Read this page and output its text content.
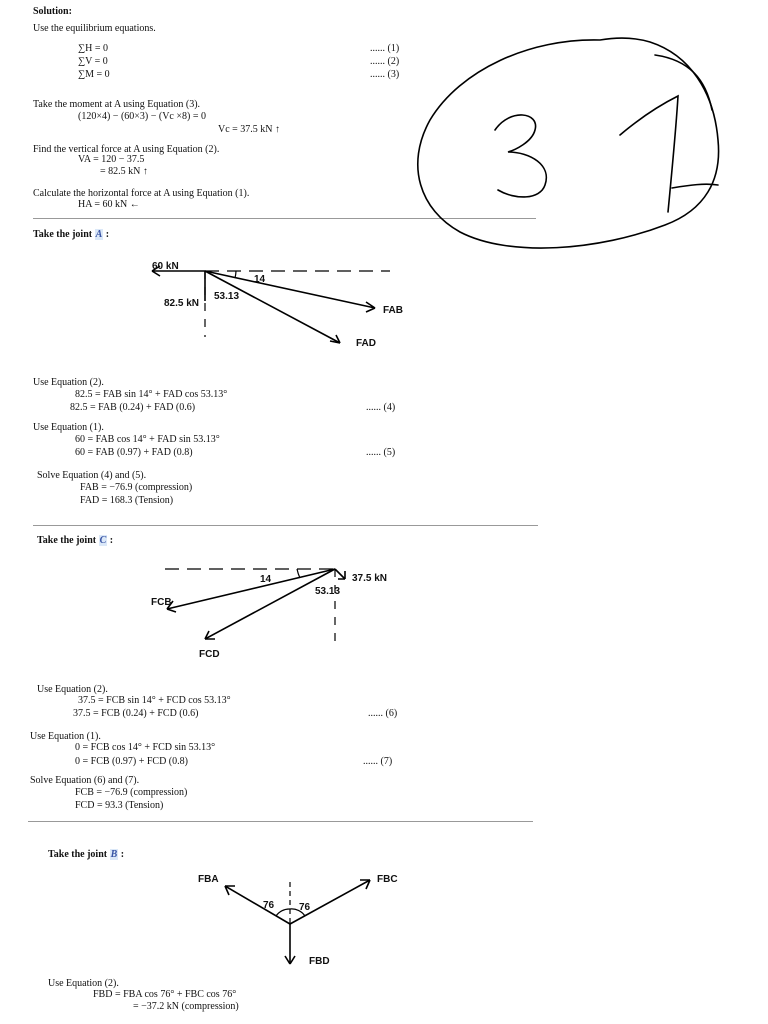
Solution:
Use the equilibrium equations.
∑H = 0	...... (1)
∑V = 0	...... (2)
∑M = 0	...... (3)
Take the moment at A using Equation (3).
(120×4) − (60×3) − (Vc ×8) = 0
Vc = 37.5 kN ↑
Find the vertical force at A using Equation (2).
VA = 120 − 37.5
= 82.5 kN ↑
Calculate the horizontal force at A using Equation (1).
HA = 60 kN ←
Take the joint A :
60 kN
14
53.13
82.5 kN
FAB
FAD
Use Equation (2).
82.5 = FAB sin 14° + FAD cos 53.13°
82.5 = FAB (0.24) + FAD (0.6)	...... (4)
Use Equation (1).
60 = FAB cos 14° + FAD sin 53.13°
60 = FAB (0.97) + FAD (0.8)	...... (5)
Solve Equation (4) and (5).
FAB = −76.9 (compression)
FAD = 168.3 (Tension)
Take the joint C :
14	37.5 kN
53.13
FCB
FCD
Use Equation (2).
37.5 = FCB sin 14° + FCD cos 53.13°
37.5 = FCB (0.24) + FCD (0.6)	...... (6)
Use Equation (1).
0 = FCB cos 14° + FCD sin 53.13°
0 = FCB (0.97) + FCD (0.8)	...... (7)
Solve Equation (6) and (7).
FCB = −76.9 (compression)
FCD = 93.3 (Tension)
Take the joint B :
FBA
76 76
FBC
FBD
Use Equation (2).
FBD = FBA cos 76° + FBC cos 76°
= −37.2 kN (compression)
